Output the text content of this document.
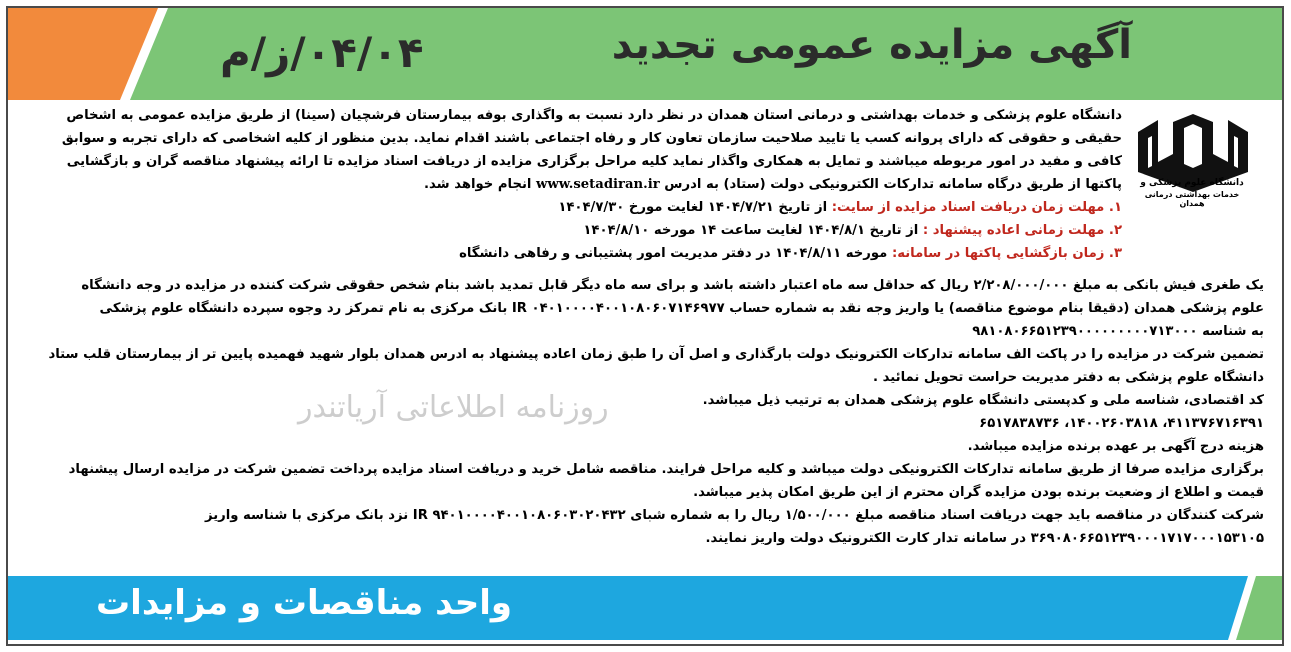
آگهی مزایده عمومی تجدید
۰۴/۰۴/ز/م
دانشگاه علوم پزشکی و
خدمات بهداشتی درمانی همدان
دانشگاه علوم پزشکی و خدمات بهداشتی و درمانی استان همدان در نظر دارد نسبت به واگذاری بوفه بیمارستان فرشچیان (سینا) از طریق مزایده عمومی به اشخاص
حقیقی و حقوقی که دارای پروانه کسب یا تایید صلاحیت سازمان تعاون کار و رفاه اجتماعی باشند اقدام نماید. بدین منظور از کلیه اشخاصی که دارای تجربه و سوابق
کافی و مفید در امور مربوطه میباشند و تمایل به همکاری واگذار نماید کلیه مراحل برگزاری مزایده از دریافت اسناد مزایده تا ارائه پیشنهاد مناقصه گران و بازگشایی
پاکتها از طریق درگاه سامانه تدارکات الکترونیکی دولت (ستاد) به ادرس www.setadiran.ir انجام خواهد شد.
۱. مهلت زمان دریافت اسناد مزایده از سایت: از تاریخ ۱۴۰۴/۷/۲۱ لغایت مورخ ۱۴۰۴/۷/۳۰
۲. مهلت زمانی اعاده پیشنهاد : از تاریخ ۱۴۰۴/۸/۱ لغایت ساعت ۱۴ مورخه ۱۴۰۴/۸/۱۰
۳. زمان بازگشایی پاکتها در سامانه: مورخه ۱۴۰۴/۸/۱۱ در دفتر مدیریت امور پشتیبانی و رفاهی دانشگاه
روزنامه اطلاعاتی آریاتندر
یک طغری فیش بانکی به مبلغ ۲/۲۰۸/۰۰۰/۰۰۰ ریال که حداقل سه ماه اعتبار داشته باشد و برای سه ماه دیگر قابل تمدید باشد بنام شخص حقوقی شرکت کننده در مزایده در وجه دانشگاه
علوم پزشکی همدان (دقیقا بنام موضوع مناقصه) یا واریز وجه نقد به شماره حساب IR ۰۴۰۱۰۰۰۰۴۰۰۱۰۸۰۶۰۷۱۴۶۹۷۷ بانک مرکزی به نام تمرکز رد وجوه سپرده دانشگاه علوم پزشکی
به شناسه ۹۸۱۰۸۰۶۶۵۱۲۳۹۰۰۰۰۰۰۰۰۰۷۱۳۰۰۰
تضمین شرکت در مزایده را در پاکت الف سامانه تدارکات الکترونیک دولت بارگذاری و اصل آن را طبق زمان اعاده پیشنهاد به ادرس همدان بلوار شهید فهمیده پایین تر از بیمارستان قلب ستاد
دانشگاه علوم پزشکی به دفتر مدیریت حراست تحویل نمائید .
کد اقتصادی، شناسه ملی و کدپستی دانشگاه علوم پزشکی همدان به ترتیب ذیل میباشد.
۴۱۱۳۷۶۷۱۶۳۹۱، ۱۴۰۰۲۶۰۳۸۱۸، ۶۵۱۷۸۳۸۷۳۶
هزینه درج آگهی بر عهده برنده مزایده میباشد.
برگزاری مزایده صرفا از طریق سامانه تدارکات الکترونیکی دولت میباشد و کلیه مراحل فرایند. مناقصه شامل خرید و دریافت اسناد مزایده پرداخت تضمین شرکت در مزایده ارسال پیشنهاد
قیمت و اطلاع از وضعیت برنده بودن مزایده گران محترم از این طریق امکان پذیر میباشد.
شرکت کنندگان در مناقصه باید جهت دریافت اسناد مناقصه مبلغ ۱/۵۰۰/۰۰۰ ریال را به شماره شبای IR ۹۴۰۱۰۰۰۰۴۰۰۱۰۸۰۶۰۳۰۲۰۴۳۲ نزد بانک مرکزی با شناسه واریز
۳۶۹۰۸۰۶۶۵۱۲۳۹۰۰۰۱۷۱۷۰۰۰۱۵۳۱۰۵ در سامانه تدار کارت الکترونیک دولت واریز نمایند.
واحد مناقصات و مزایدات
